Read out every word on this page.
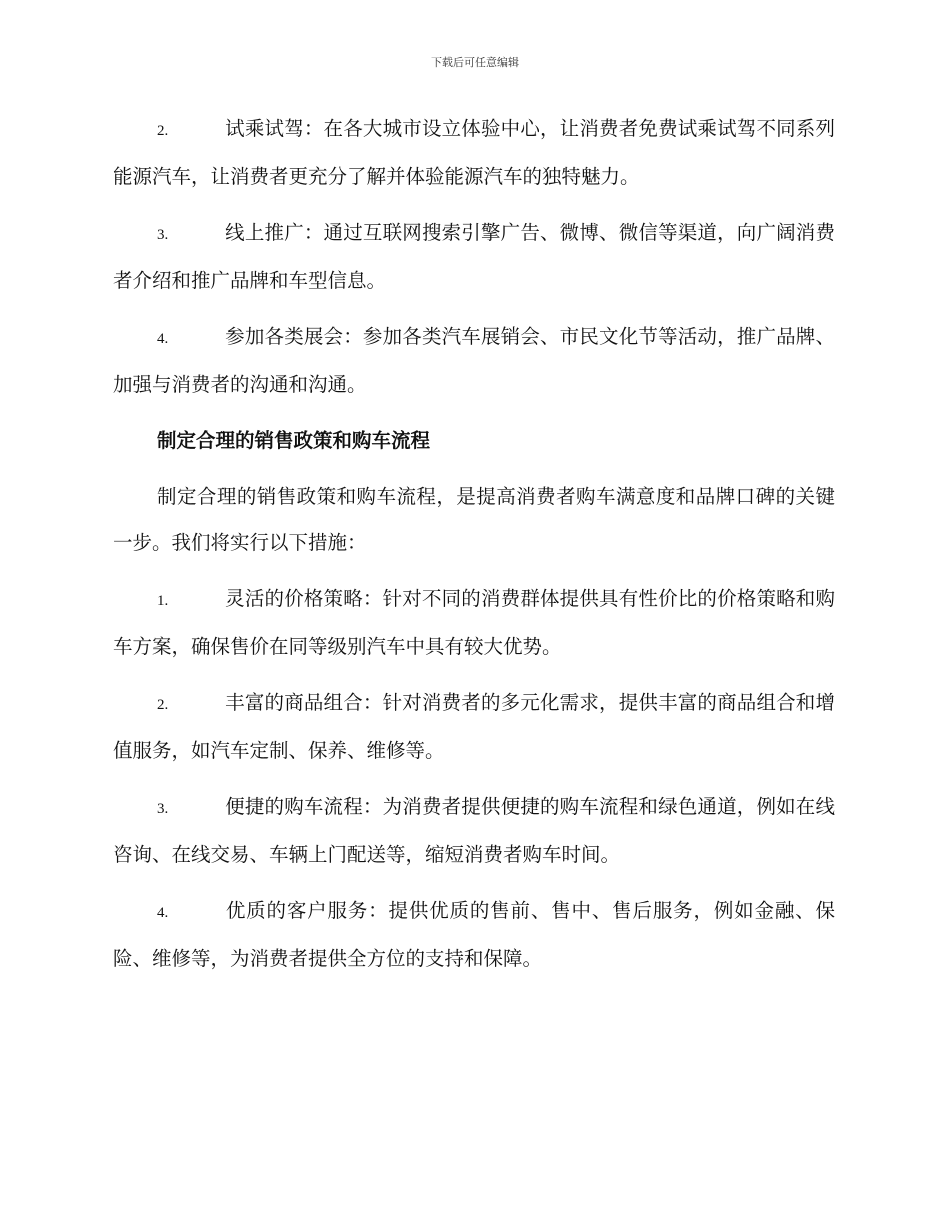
下载后可任意编辑
2.	试乘试驾：在各大城市设立体验中心，让消费者免费试乘试驾不同系列能源汽车，让消费者更充分了解并体验能源汽车的独特魅力。
3.	线上推广：通过互联网搜索引擎广告、微博、微信等渠道，向广阔消费者介绍和推广品牌和车型信息。
4.	参加各类展会：参加各类汽车展销会、市民文化节等活动，推广品牌、加强与消费者的沟通和沟通。
制定合理的销售政策和购车流程
制定合理的销售政策和购车流程，是提高消费者购车满意度和品牌口碑的关键一步。我们将实行以下措施：
1.	灵活的价格策略：针对不同的消费群体提供具有性价比的价格策略和购车方案，确保售价在同等级别汽车中具有较大优势。
2.	丰富的商品组合：针对消费者的多元化需求，提供丰富的商品组合和增值服务，如汽车定制、保养、维修等。
3.	便捷的购车流程：为消费者提供便捷的购车流程和绿色通道，例如在线咨询、在线交易、车辆上门配送等，缩短消费者购车时间。
4.	优质的客户服务：提供优质的售前、售中、售后服务，例如金融、保险、维修等，为消费者提供全方位的支持和保障。
